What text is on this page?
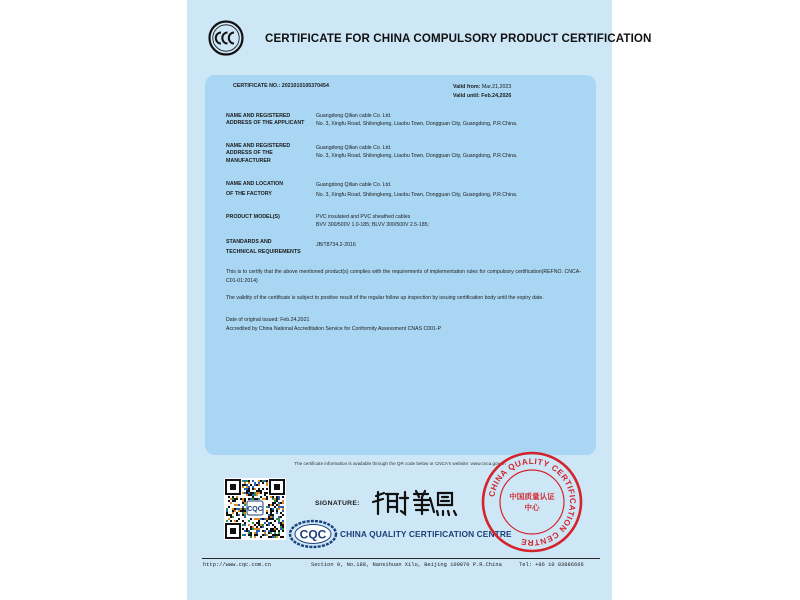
CERTIFICATE FOR CHINA COMPULSORY PRODUCT CERTIFICATION
CERTIFICATE NO.: 2021010105370454	Valid from: Mar.21,2023
Valid until: Feb.24,2026
NAME AND REGISTERED
ADDRESS OF THE APPLICANT
Guangdong Qilian cable Co. Ltd.
No. 3, Xingfu Road, Shilongkeng, Liaobu Town, Dongguan City, Guangdong, P.R.China.
NAME AND REGISTERED
ADDRESS OF THE
MANUFACTURER
Guangdong Qilian cable Co. Ltd.
No. 3, Xingfu Road, Shilongkeng, Liaobu Town, Dongguan City, Guangdong, P.R.China.
NAME AND LOCATION
OF THE FACTORY
Guangdong Qilian cable Co. Ltd.
No. 3, Xingfu Road, Shilongkeng, Liaobu Town, Dongguan City, Guangdong, P.R.China.
PRODUCT MODEL(S)	PVC insulated and PVC sheathed cables
BVV 300/500V 1.0-185; BLVV 300/500V 2.5-185;
STANDARDS AND
TECHNICAL REQUIREMENTS
JB/T8734.2-2016
This is to certify that the above mentioned product(s) complies with the requirements of implementation rules for compulsory certification(REFNO. CNCA-C01-01:2014)
The validity of the certificate is subject to positive result of the regular follow up inspection by issuing certification body until the expiry date.
Date of original issued: Feb.24,2021
Accredited by China National Accreditation Service for Conformity Assessment CNAS C001-P
The certificate information is available through the QR code below or CNCA's website: www.cnca.gov.cn
CQC
SIGNATURE:
CQC CHINA QUALITY CERTIFICATION CENTRE
CHINA QUALITY CERTIFICATION CENTRE
中国质量认证
中心
http://www.cqc.com.cn	Section 9, No.188, Nansihuan Xilu, Beijing 100070 P.R.China	Tel: +86 10 83886666
